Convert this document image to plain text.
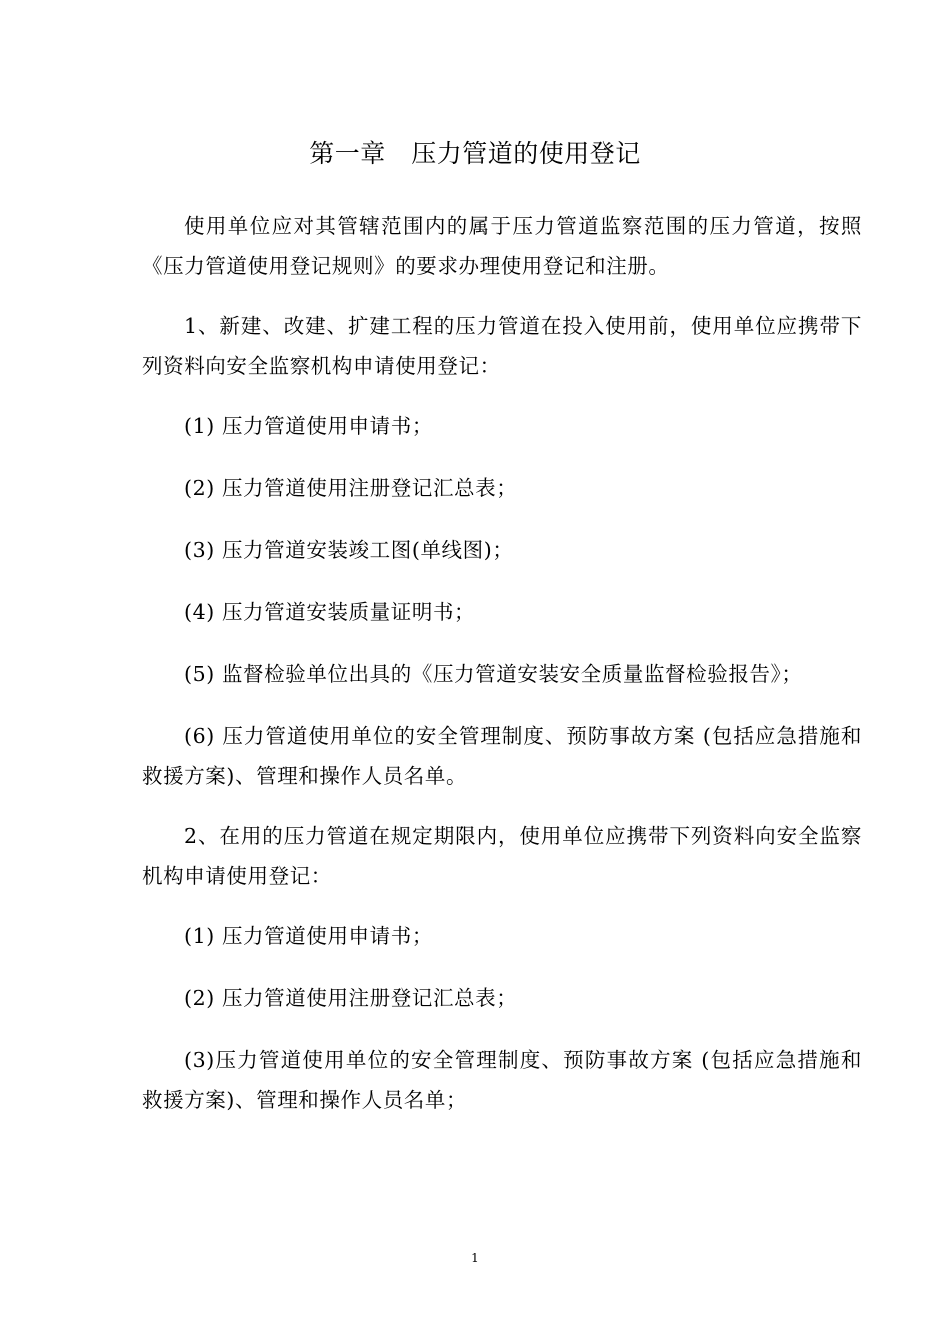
第一章　压力管道的使用登记

使用单位应对其管辖范围内的属于压力管道监察范围的压力管道，按照《压力管道使用登记规则》的要求办理使用登记和注册。

1、新建、改建、扩建工程的压力管道在投入使用前，使用单位应携带下列资料向安全监察机构申请使用登记：

(1) 压力管道使用申请书；

(2) 压力管道使用注册登记汇总表；

(3) 压力管道安装竣工图(单线图)；

(4) 压力管道安装质量证明书；

(5) 监督检验单位出具的《压力管道安装安全质量监督检验报告》；

(6) 压力管道使用单位的安全管理制度、预防事故方案 (包括应急措施和救援方案)、管理和操作人员名单。

2、在用的压力管道在规定期限内，使用单位应携带下列资料向安全监察机构申请使用登记：

(1) 压力管道使用申请书；

(2) 压力管道使用注册登记汇总表；

(3)压力管道使用单位的安全管理制度、预防事故方案 (包括应急措施和救援方案)、管理和操作人员名单；

1
